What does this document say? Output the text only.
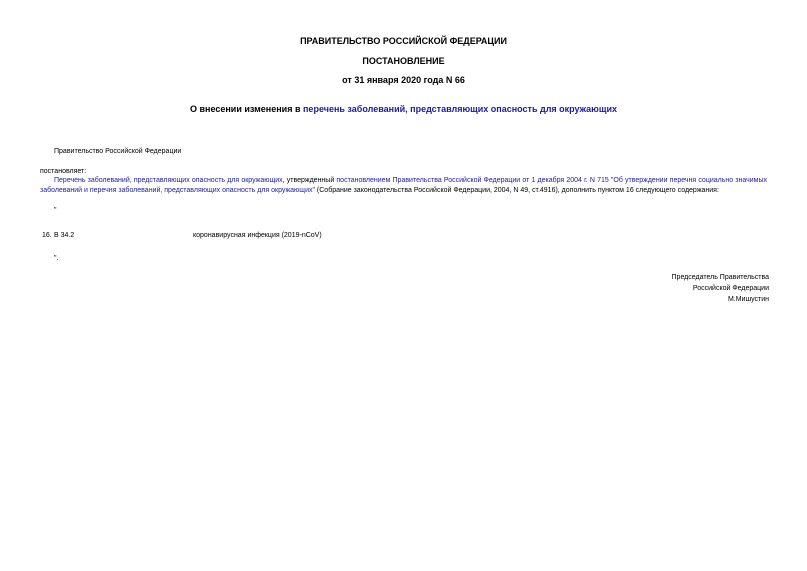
ПРАВИТЕЛЬСТВО РОССИЙСКОЙ ФЕДЕРАЦИИ
ПОСТАНОВЛЕНИЕ
от 31 января 2020 года N 66
О внесении изменения в перечень заболеваний, представляющих опасность для окружающих
Правительство Российской Федерации
постановляет:
Перечень заболеваний, представляющих опасность для окружающих, утвержденный постановлением Правительства Российской Федерации от 1 декабря 2004 г. N 715 "Об утверждении перечня социально значимых заболеваний и перечня заболеваний, представляющих опасность для окружающих" (Собрание законодательства Российской Федерации, 2004, N 49, ст.4916), дополнить пунктом 16 следующего содержания:
"
16. B 34.2	коронавирусная инфекция (2019-nCoV)
".
Председатель Правительства
Российской Федерации
М.Мишустин
